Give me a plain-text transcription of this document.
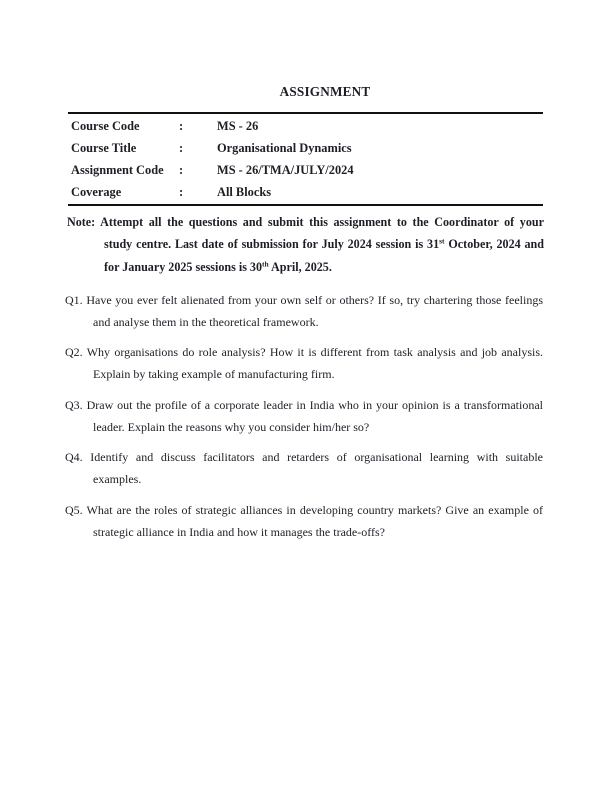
ASSIGNMENT
Course Code	:	MS - 26
Course Title	:	Organisational Dynamics
Assignment Code	:	MS - 26/TMA/JULY/2024
Coverage	:	All Blocks
Note: Attempt all the questions and submit this assignment to the Coordinator of your
study centre. Last date of submission for July 2024 session is 31st October, 2024 and
for January 2025 sessions is 30th April, 2025.
Q1. Have you ever felt alienated from your own self or others? If so, try chartering those feelings
and analyse them in the theoretical framework.
Q2. Why organisations do role analysis? How it is different from task analysis and job analysis.
Explain by taking example of manufacturing firm.
Q3. Draw out the profile of a corporate leader in India who in your opinion is a transformational
leader. Explain the reasons why you consider him/her so?
Q4. Identify and discuss facilitators and retarders of organisational learning with suitable
examples.
Q5. What are the roles of strategic alliances in developing country markets? Give an example of
strategic alliance in India and how it manages the trade-offs?
